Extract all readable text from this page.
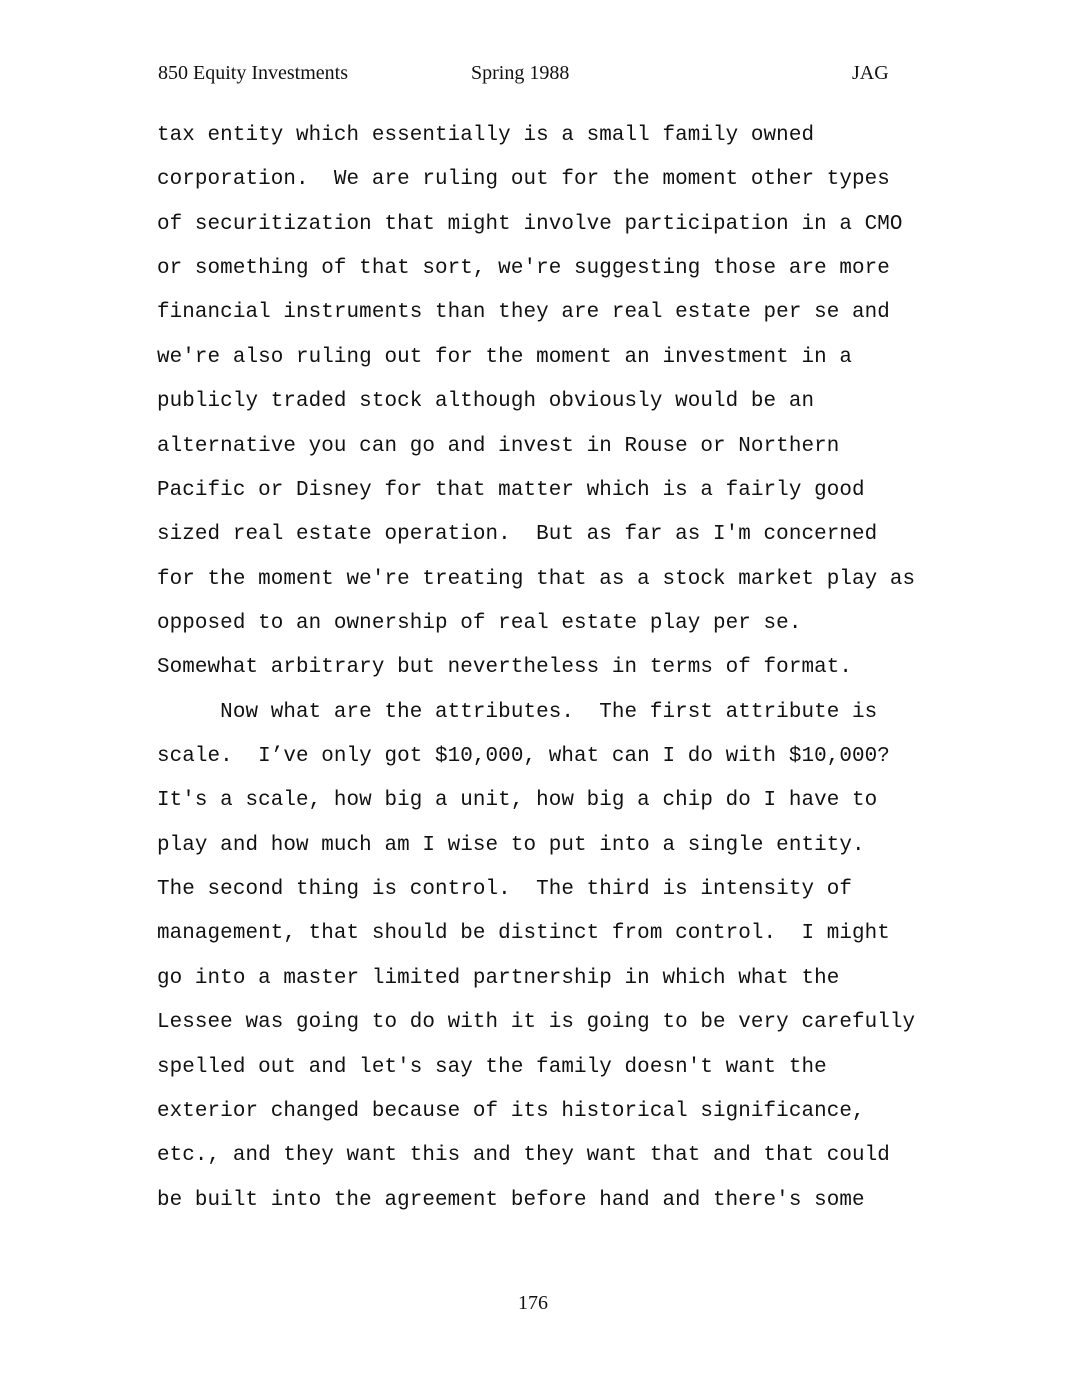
850 Equity Investments	Spring 1988	JAG
tax entity which essentially is a small family owned
corporation.  We are ruling out for the moment other types
of securitization that might involve participation in a CMO
or something of that sort, we're suggesting those are more
financial instruments than they are real estate per se and
we're also ruling out for the moment an investment in a
publicly traded stock although obviously would be an
alternative you can go and invest in Rouse or Northern
Pacific or Disney for that matter which is a fairly good
sized real estate operation.  But as far as I'm concerned
for the moment we're treating that as a stock market play as
opposed to an ownership of real estate play per se.
Somewhat arbitrary but nevertheless in terms of format.
Now what are the attributes.  The first attribute is
scale.  I’ve only got $10,000, what can I do with $10,000?
It's a scale, how big a unit, how big a chip do I have to
play and how much am I wise to put into a single entity.
The second thing is control.  The third is intensity of
management, that should be distinct from control.  I might
go into a master limited partnership in which what the
Lessee was going to do with it is going to be very carefully
spelled out and let's say the family doesn't want the
exterior changed because of its historical significance,
etc., and they want this and they want that and that could
be built into the agreement before hand and there's some
176
